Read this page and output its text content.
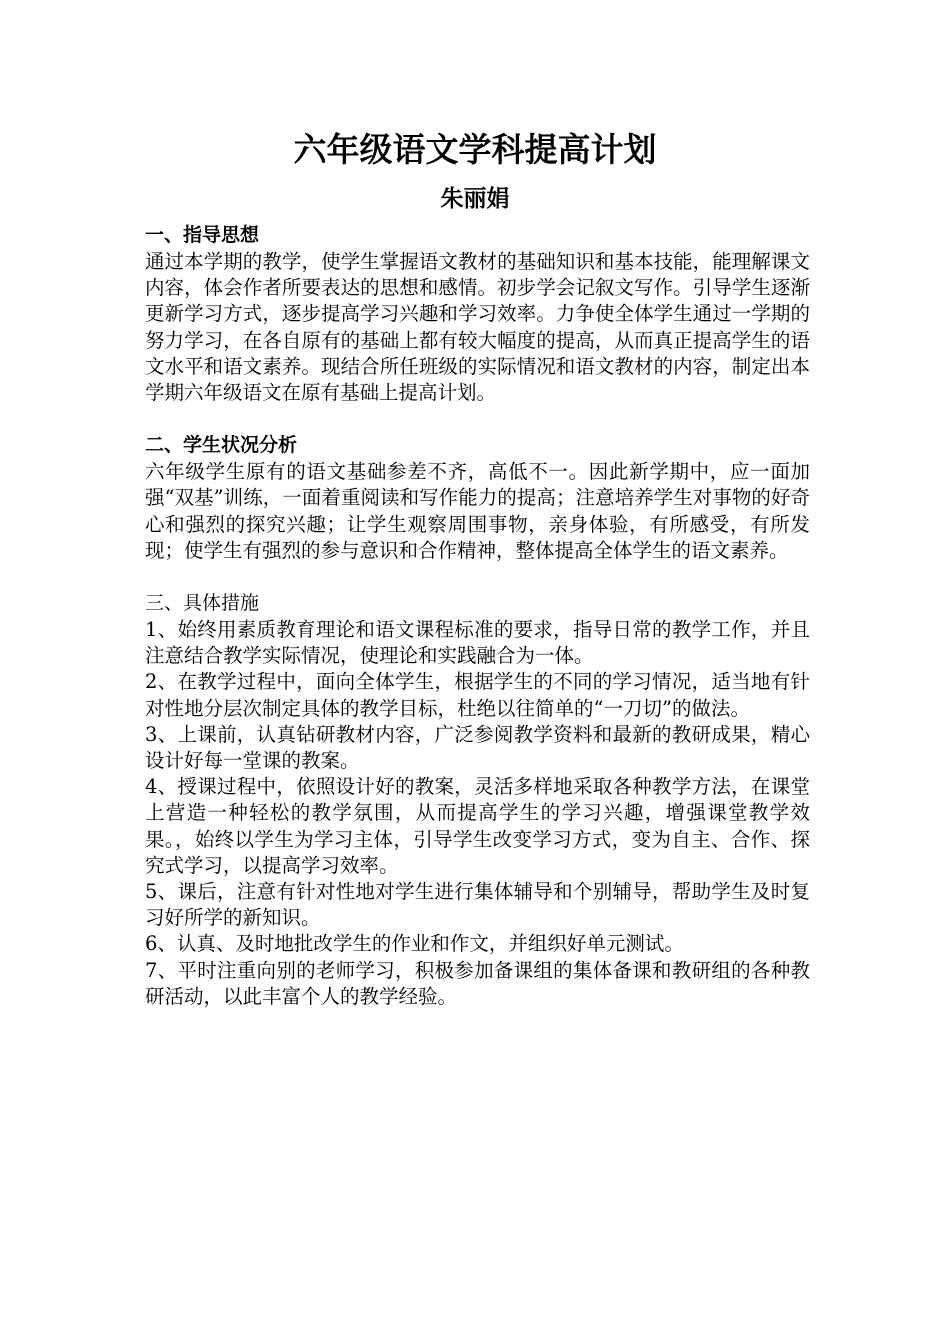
六年级语文学科提高计划
朱丽娟

一、指导思想

通过本学期的教学，使学生掌握语文教材的基础知识和基本技能，能理解课文内容，体会作者所要表达的思想和感情。初步学会记叙文写作。引导学生逐渐更新学习方式，逐步提高学习兴趣和学习效率。力争使全体学生通过一学期的努力学习，在各自原有的基础上都有较大幅度的提高，从而真正提高学生的语文水平和语文素养。现结合所任班级的实际情况和语文教材的内容，制定出本学期六年级语文在原有基础上提高计划。

二、学生状况分析

六年级学生原有的语文基础参差不齐，高低不一。因此新学期中，应一面加强“双基”训练，一面着重阅读和写作能力的提高；注意培养学生对事物的好奇心和强烈的探究兴趣；让学生观察周围事物，亲身体验，有所感受，有所发现；使学生有强烈的参与意识和合作精神，整体提高全体学生的语文素养。

三、具体措施

1、始终用素质教育理论和语文课程标准的要求，指导日常的教学工作，并且注意结合教学实际情况，使理论和实践融合为一体。

2、在教学过程中，面向全体学生，根据学生的不同的学习情况，适当地有针对性地分层次制定具体的教学目标，杜绝以往简单的“一刀切”的做法。

3、上课前，认真钻研教材内容，广泛参阅教学资料和最新的教研成果，精心设计好每一堂课的教案。

4、授课过程中，依照设计好的教案，灵活多样地采取各种教学方法，在课堂上营造一种轻松的教学氛围，从而提高学生的学习兴趣，增强课堂教学效果。，始终以学生为学习主体，引导学生改变学习方式，变为自主、合作、探究式学习，以提高学习效率。

5、课后，注意有针对性地对学生进行集体辅导和个别辅导，帮助学生及时复习好所学的新知识。

6、认真、及时地批改学生的作业和作文，并组织好单元测试。

7、平时注重向别的老师学习，积极参加备课组的集体备课和教研组的各种教研活动，以此丰富个人的教学经验。
